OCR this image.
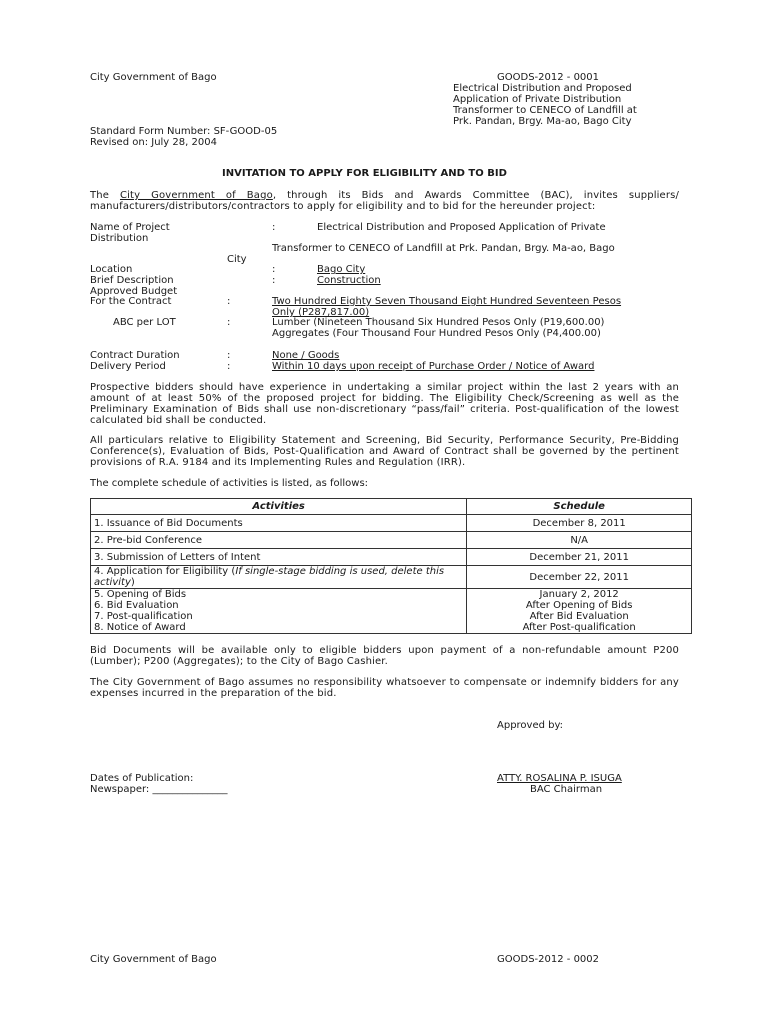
City Government of Bago	GOODS-2012 - 0001
Electrical Distribution and Proposed
Application of Private Distribution
Transformer to CENECO of Landfill at
Prk. Pandan, Brgy. Ma-ao, Bago City
Standard Form Number: SF-GOOD-05
Revised on: July 28, 2004
INVITATION TO APPLY FOR ELIGIBILITY AND TO BID
The City Government of Bago, through its Bids and Awards Committee (BAC), invites suppliers/ manufacturers/distributors/contractors to apply for eligibility and to bid for the hereunder project:
Name of Project	:	Electrical Distribution and Proposed Application of Private
Distribution
Transformer to CENECO of Landfill at Prk. Pandan, Brgy. Ma-ao, Bago
City
Location	:	Bago City
Brief Description	:	Construction
Approved Budget
For the Contract	:	Two Hundred Eighty Seven Thousand Eight Hundred Seventeen Pesos
Only (P287,817.00)
ABC per LOT	:	Lumber (Nineteen Thousand Six Hundred Pesos Only (P19,600.00)
Aggregates (Four Thousand Four Hundred Pesos Only (P4,400.00)
Contract Duration	:	None / Goods
Delivery Period	:	Within 10 days upon receipt of Purchase Order / Notice of Award
Prospective bidders should have experience in undertaking a similar project within the last 2 years with an amount of at least 50% of the proposed project for bidding. The Eligibility Check/Screening as well as the Preliminary Examination of Bids shall use non-discretionary “pass/fail” criteria. Post-qualification of the lowest calculated bid shall be conducted.
All particulars relative to Eligibility Statement and Screening, Bid Security, Performance Security, Pre-Bidding Conference(s), Evaluation of Bids, Post-Qualification and Award of Contract shall be governed by the pertinent provisions of R.A. 9184 and its Implementing Rules and Regulation (IRR).
The complete schedule of activities is listed, as follows:
Activities	Schedule
1. Issuance of Bid Documents	December 8, 2011
2. Pre-bid Conference	N/A
3. Submission of Letters of Intent	December 21, 2011
4. Application for Eligibility (If single-stage bidding is used, delete this activity)	December 22, 2011
5. Opening of Bids	January 2, 2012
6. Bid Evaluation	After Opening of Bids
7. Post-qualification	After Bid Evaluation
8. Notice of Award	After Post-qualification
Bid Documents will be available only to eligible bidders upon payment of a non-refundable amount P200 (Lumber); P200 (Aggregates); to the City of Bago Cashier.
The City Government of Bago assumes no responsibility whatsoever to compensate or indemnify bidders for any expenses incurred in the preparation of the bid.
Approved by:
Dates of Publication:	ATTY. ROSALINA P. ISUGA
Newspaper: _______________	BAC Chairman
City Government of Bago	GOODS-2012 - 0002
